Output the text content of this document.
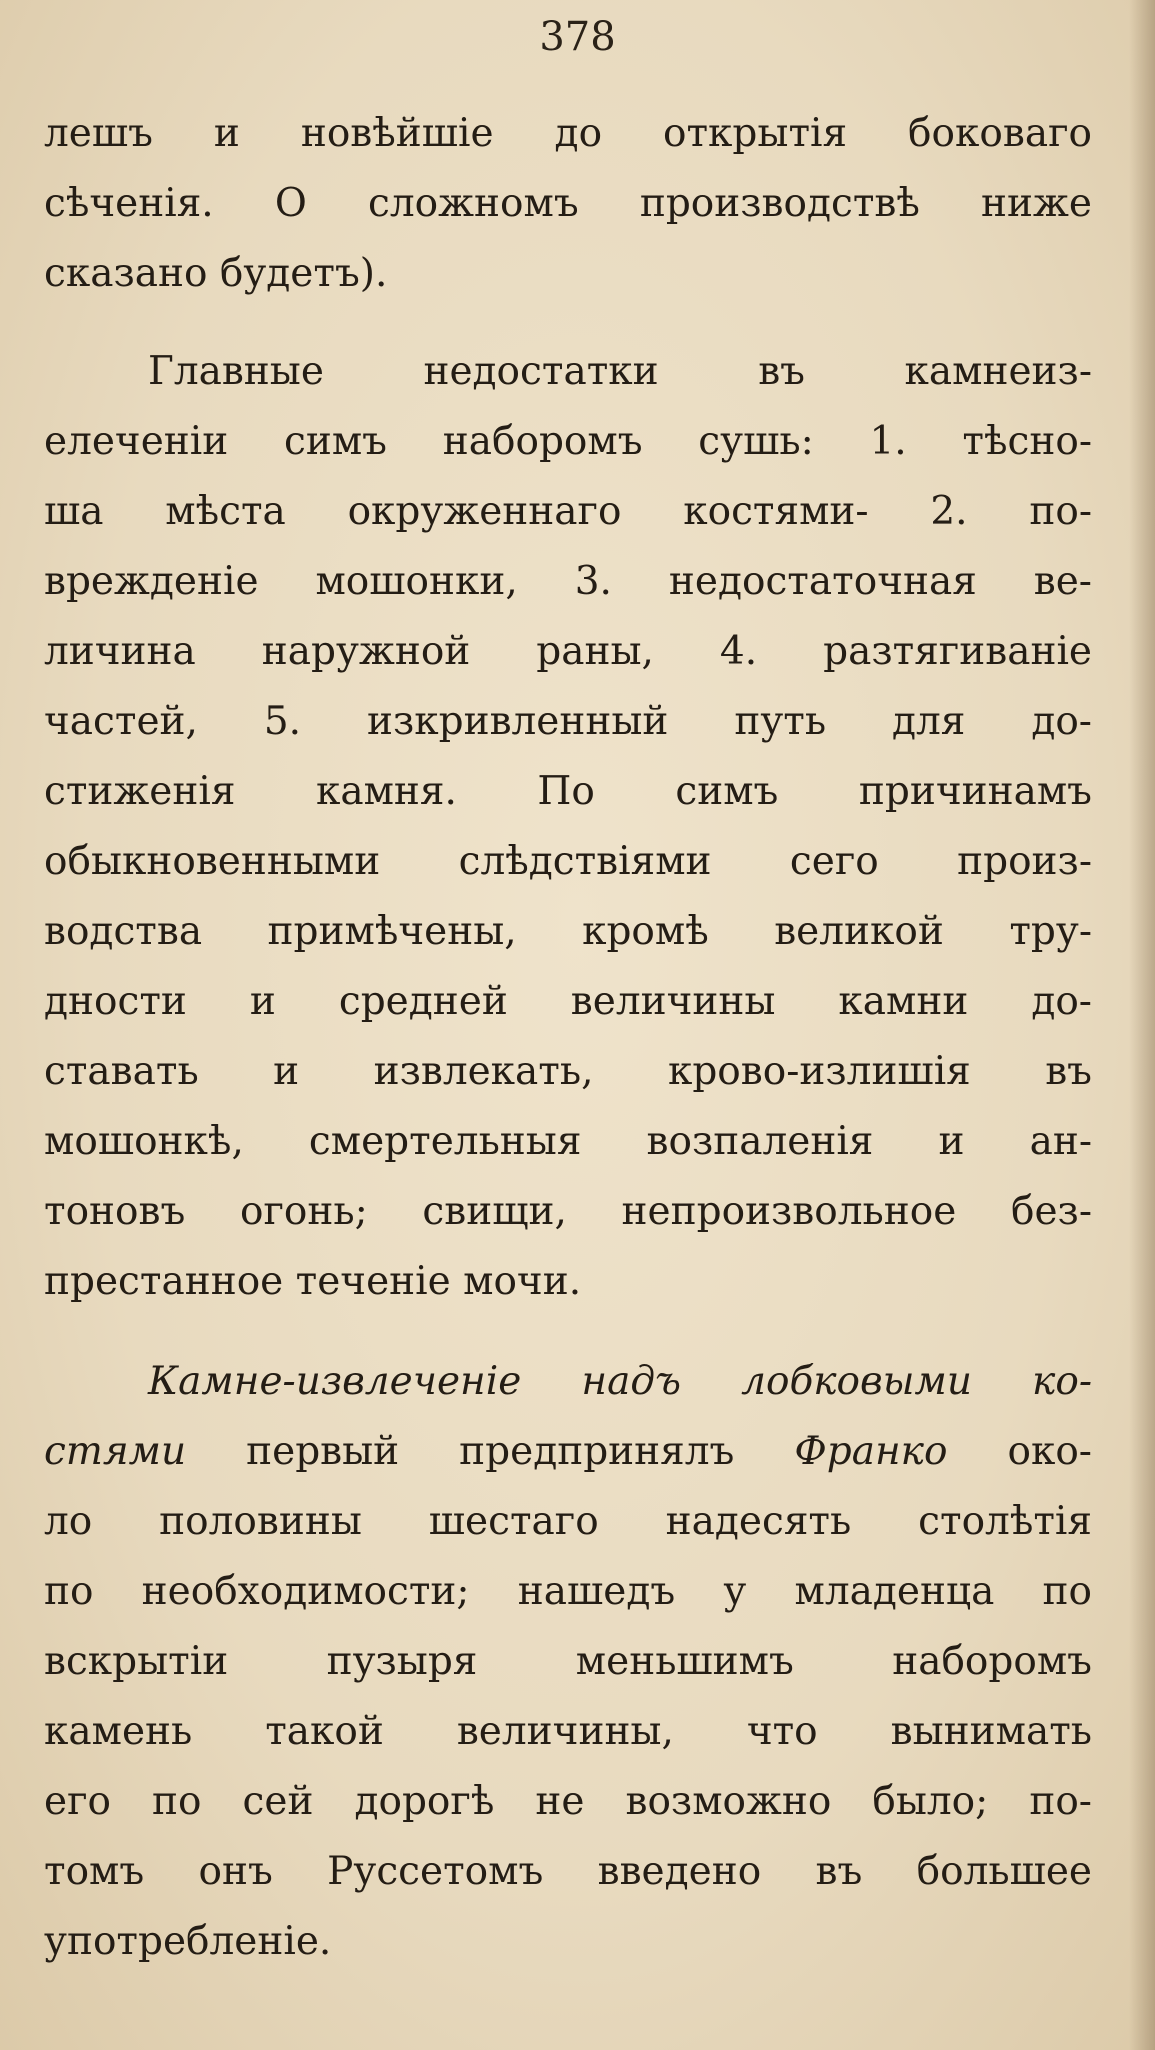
378
лешъ и новѣйшіе до открытія боковаго
сѣченія. О сложномъ производствѣ ниже
сказано будетъ).
Главные недостатки въ камнеиз-
елеченіи симъ наборомъ сушь: 1. тѣсно-
ша мѣста окруженнаго костями- 2. по-
врежденіе мошонки, 3. недостаточная ве-
личина наружной раны, 4. разтягиваніе
частей, 5. изкривленный путь для до-
стиженія камня. По симъ причинамъ
обыкновенными слѣдствіями сего произ-
водства примѣчены, кромѣ великой тру-
дности и средней величины камни до-
ставать и извлекать, крово-излишія въ
мошонкѣ, смертельныя возпаленія и ан-
тоновъ огонь; свищи, непроизвольное без-
престанное теченіе мочи.
Камне-извлеченіе надъ лобковыми ко-
стями первый предпринялъ Франко око-
ло половины шестаго надесять столѣтія
по необходимости; нашедъ у младенца по
вскрытіи пузыря меньшимъ наборомъ
камень такой величины, что вынимать
его по сей дорогѣ не возможно было; по-
томъ онъ Руссетомъ введено въ большее
употребленіе.
